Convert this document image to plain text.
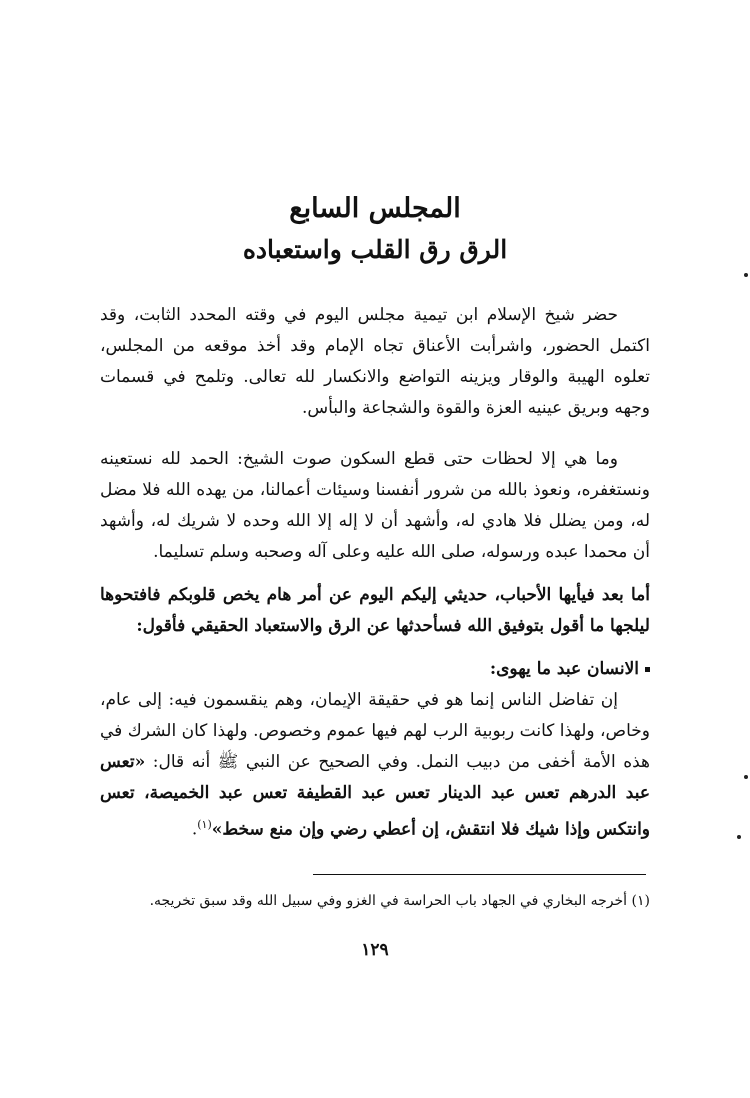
المجلس السابع

الرق رق القلب واستعباده

حضر شيخ الإسلام ابن تيمية مجلس اليوم في وقته المحدد الثابت، وقد اكتمل الحضور، واشرأبت الأعناق تجاه الإمام وقد أخذ موقعه من المجلس، تعلوه الهيبة والوقار ويزينه التواضع والانكسار لله تعالى. وتلمح في قسمات وجهه وبريق عينيه العزة والقوة والشجاعة والبأس.

وما هي إلا لحظات حتى قطع السكون صوت الشيخ: الحمد لله نستعينه ونستغفره، ونعوذ بالله من شرور أنفسنا وسيئات أعمالنا، من يهده الله فلا مضل له، ومن يضلل فلا هادي له، وأشهد أن لا إله إلا الله وحده لا شريك له، وأشهد أن محمدا عبده ورسوله، صلى الله عليه وعلى آله وصحبه وسلم تسليما.

أما بعد فيأيها الأحباب، حديثي إليكم اليوم عن أمر هام يخص قلوبكم فافتحوها ليلجها ما أقول بتوفيق الله فسأحدثها عن الرق والاستعباد الحقيقي فأقول:

الانسان عبد ما يهوى:

إن تفاضل الناس إنما هو في حقيقة الإيمان، وهم ينقسمون فيه: إلى عام، وخاص، ولهذا كانت ربوبية الرب لهم فيها عموم وخصوص. ولهذا كان الشرك في هذه الأمة أخفى من دبيب النمل. وفي الصحيح عن النبي ﷺ أنه قال: «تعس عبد الدرهم تعس عبد الدينار تعس عبد القطيفة تعس عبد الخميصة، تعس وانتكس وإذا شيك فلا انتقش، إن أعطي رضي وإن منع سخط»$^{(١)}$.

(١) أخرجه البخاري في الجهاد باب الحراسة في الغزو وفي سبيل الله وقد سبق تخريجه.

١٢٩
